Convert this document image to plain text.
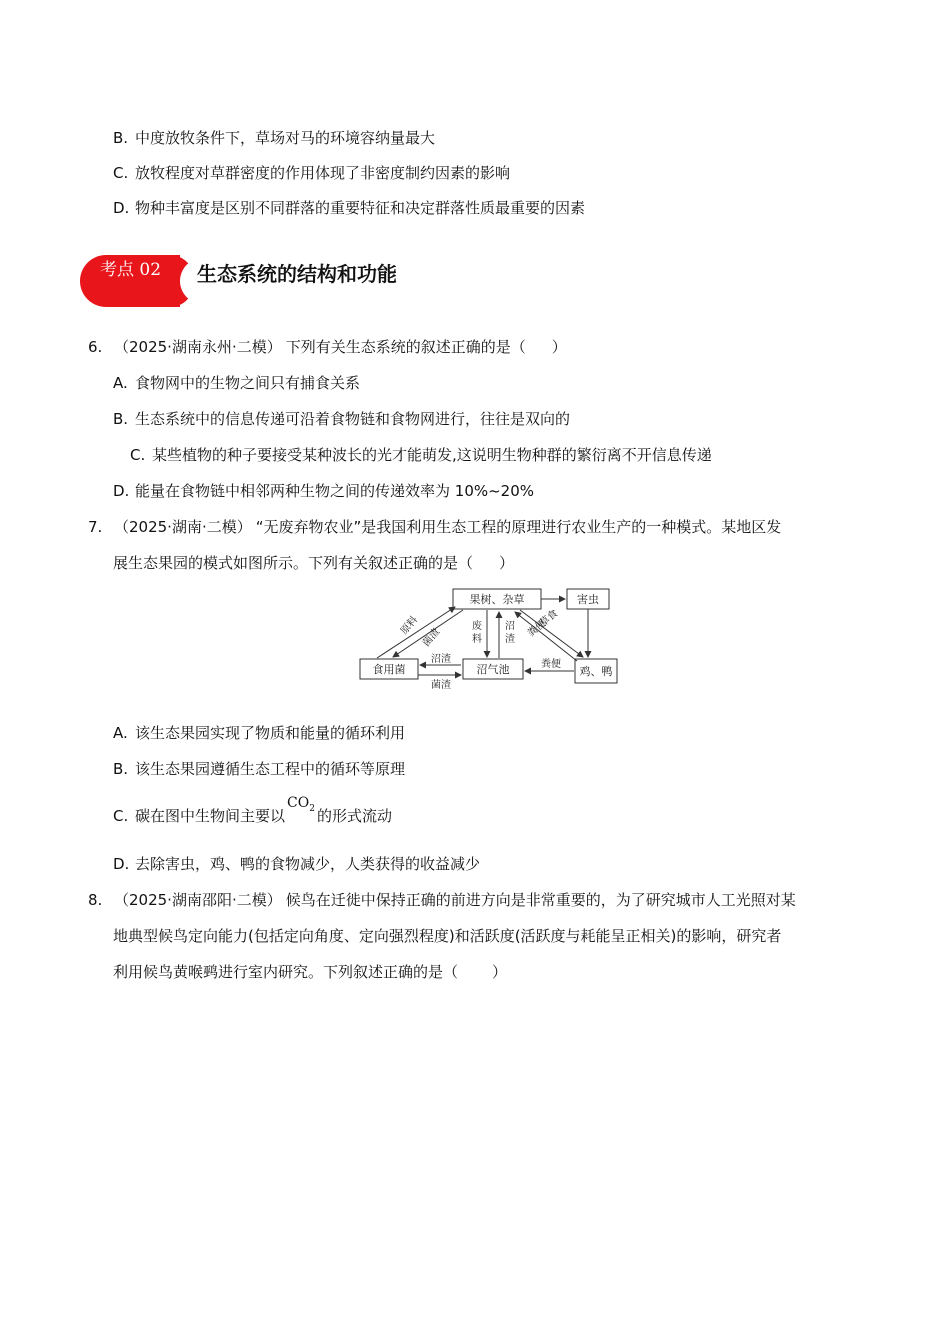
B. 中度放牧条件下，草场对马的环境容纳量最大
C. 放牧程度对草群密度的作用体现了非密度制约因素的影响
D. 物种丰富度是区别不同群落的重要特征和决定群落性质最重要的因素
考点 02 生态系统的结构和功能
6. （2025·湖南永州·二模） 下列有关生态系统的叙述正确的是（ ）
A. 食物网中的生物之间只有捕食关系
B. 生态系统中的信息传递可沿着食物链和食物网进行，往往是双向的
C. 某些植物的种子要接受某种波长的光才能萌发,这说明生物种群的繁衍离不开信息传递
D. 能量在食物链中相邻两种生物之间的传递效率为 10%~20%
7. （2025·湖南·二模） “无废弃物农业”是我国利用生态工程的原理进行农业生产的一种模式。某地区发
展生态果园的模式如图所示。下列有关叙述正确的是（ ）
果树、杂草	害虫
食用菌	沼气池	鸡、鸭
原料
菌渣
废
料
沼
渣
草食
粪便
沼渣
菌渣
粪便
A. 该生态果园实现了物质和能量的循环利用
B. 该生态果园遵循生态工程中的循环等原理
C. 碳在图中生物间主要以$CO_2$ 的形式流动
D. 去除害虫，鸡、鸭的食物减少，人类获得的收益减少
8. （2025·湖南邵阳·二模） 候鸟在迁徙中保持正确的前进方向是非常重要的，为了研究城市人工光照对某
地典型候鸟定向能力(包括定向角度、定向强烈程度)和活跃度(活跃度与耗能呈正相关)的影响，研究者
利用候鸟黄喉鹀进行室内研究。下列叙述正确的是（ ）
